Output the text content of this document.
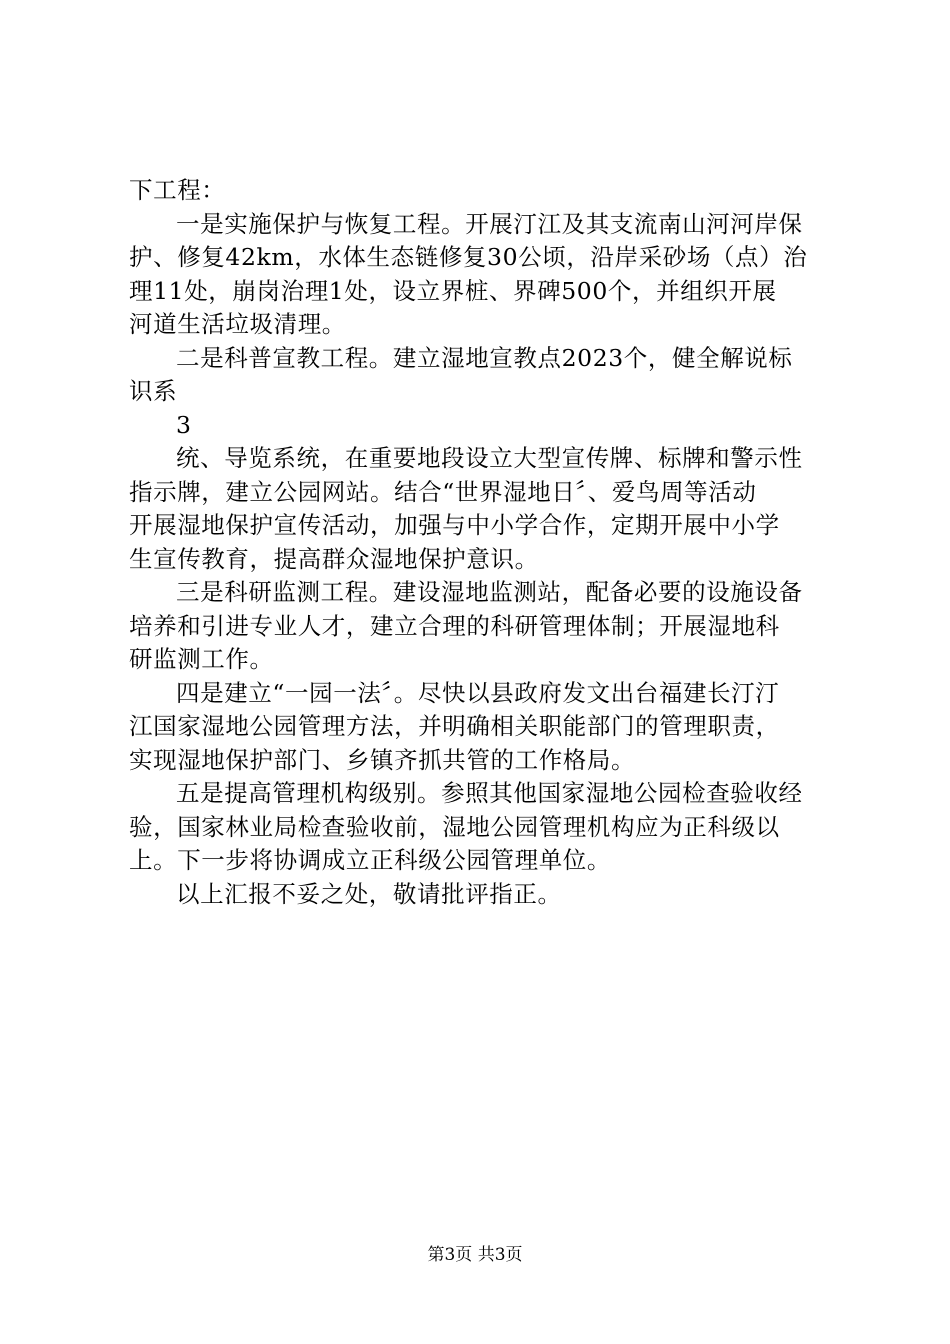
下工程：
一是实施保护与恢复工程。开展汀江及其支流南山河河岸保
护、修复42km，水体生态链修复30公顷，沿岸采砂场（点）治
理11处，崩岗治理1处，设立界桩、界碑500个，并组织开展
河道生活垃圾清理。
二是科普宣教工程。建立湿地宣教点2023个，健全解说标
识系
3
统、导览系统，在重要地段设立大型宣传牌、标牌和警示性
指示牌，建立公园网站。结合“世界湿地日〞、爱鸟周等活动
开展湿地保护宣传活动，加强与中小学合作，定期开展中小学
生宣传教育，提高群众湿地保护意识。
三是科研监测工程。建设湿地监测站，配备必要的设施设备
培养和引进专业人才，建立合理的科研管理体制；开展湿地科
研监测工作。
四是建立“一园一法〞。尽快以县政府发文出台福建长汀汀
江国家湿地公园管理方法，并明确相关职能部门的管理职责，
实现湿地保护部门、乡镇齐抓共管的工作格局。
五是提高管理机构级别。参照其他国家湿地公园检查验收经
验，国家林业局检查验收前，湿地公园管理机构应为正科级以
上。下一步将协调成立正科级公园管理单位。
以上汇报不妥之处，敬请批评指正。
第3页 共3页
